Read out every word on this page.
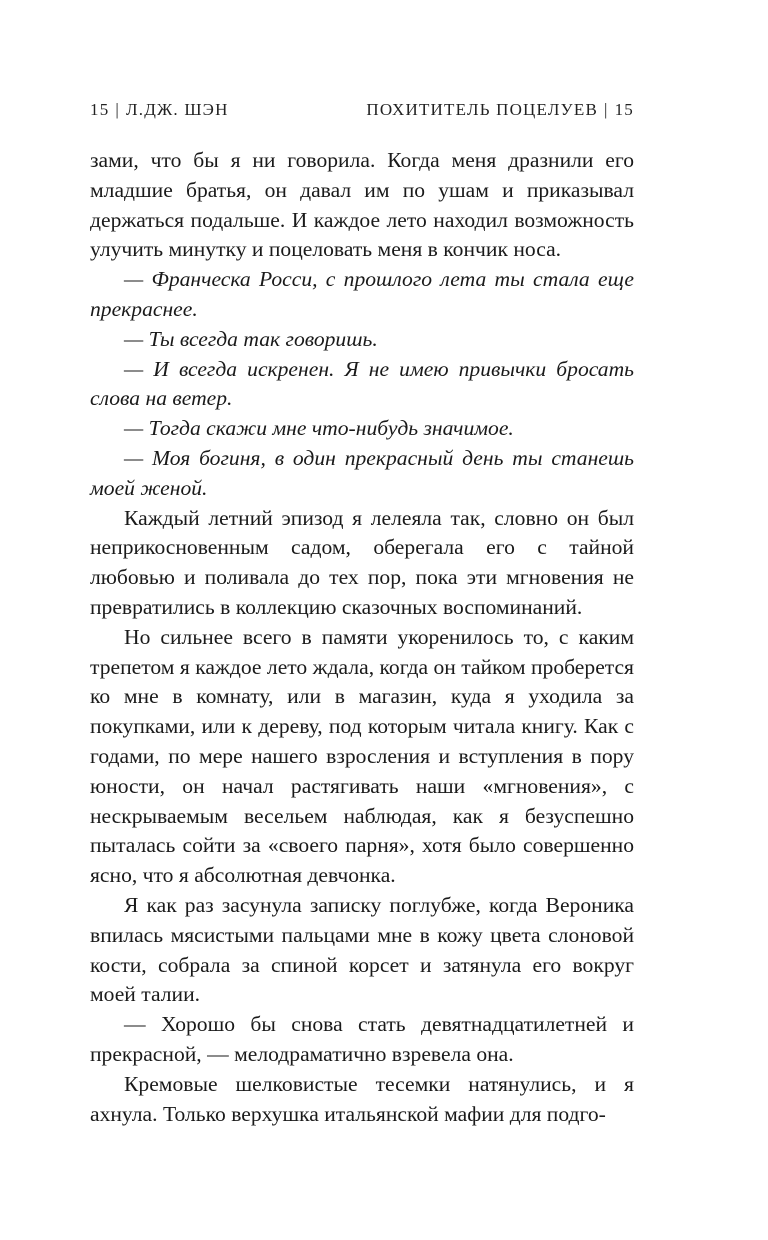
15 | Л.ДЖ. ШЭН	ПОХИТИТЕЛЬ ПОЦЕЛУЕВ | 15

зами, что бы я ни говорила. Когда меня дразнили его младшие братья, он давал им по ушам и приказывал держаться подальше. И каждое лето находил возможность улучить минутку и поцеловать меня в кончик носа.

— Франческа Росси, с прошлого лета ты стала еще прекраснее.

— Ты всегда так говоришь.

— И всегда искренен. Я не имею привычки бросать слова на ветер.

— Тогда скажи мне что-нибудь значимое.

— Моя богиня, в один прекрасный день ты станешь моей женой.

Каждый летний эпизод я лелеяла так, словно он был неприкосновенным садом, оберегала его с тайной любовью и поливала до тех пор, пока эти мгновения не превратились в коллекцию сказочных воспоминаний.

Но сильнее всего в памяти укоренилось то, с каким трепетом я каждое лето ждала, когда он тайком проберется ко мне в комнату, или в магазин, куда я уходила за покупками, или к дереву, под которым читала книгу. Как с годами, по мере нашего взросления и вступления в пору юности, он начал растягивать наши «мгновения», с нескрываемым весельем наблюдая, как я безуспешно пыталась сойти за «своего парня», хотя было совершенно ясно, что я абсолютная девчонка.

Я как раз засунула записку поглубже, когда Вероника впилась мясистыми пальцами мне в кожу цвета слоновой кости, собрала за спиной корсет и затянула его вокруг моей талии.

— Хорошо бы снова стать девятнадцатилетней и прекрасной, — мелодраматично взревела она.

Кремовые шелковистые тесемки натянулись, и я ахнула. Только верхушка итальянской мафии для подго-
